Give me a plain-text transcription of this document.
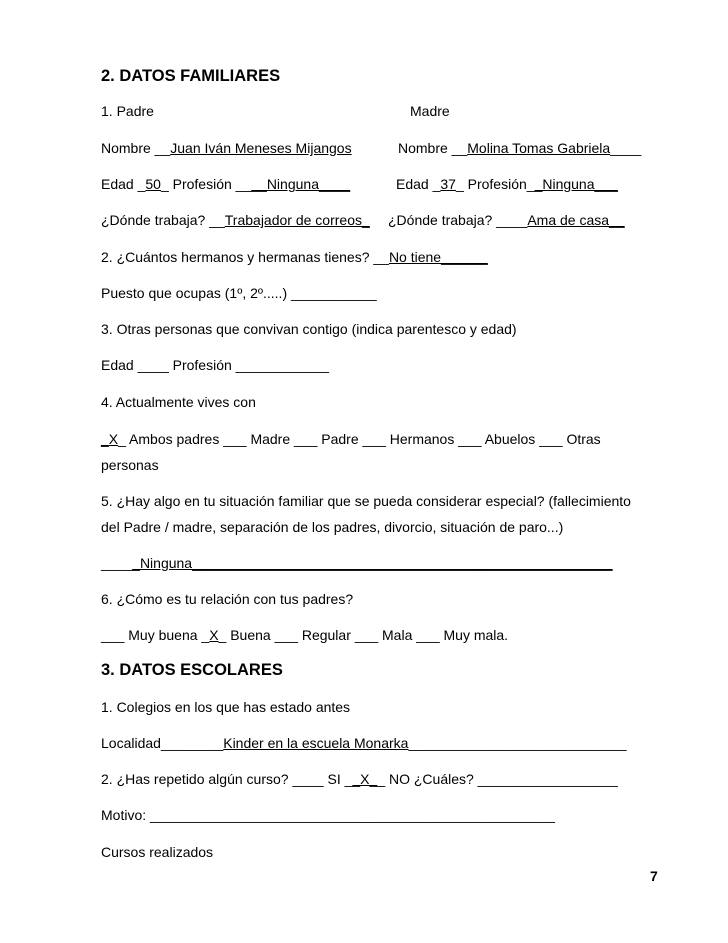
2. DATOS FAMILIARES
1. Padre	Madre
Nombre __Juan Iván Meneses Mijangos	Nombre __Molina Tomas Gabriela____
Edad _50_ Profesión ____Ninguna____	Edad _37_ Profesión__Ninguna___
¿Dónde trabaja? __Trabajador de correos_ ¿Dónde trabaja? ____Ama de casa__
2. ¿Cuántos hermanos y hermanas tienes? __No tiene______
Puesto que ocupas (1º, 2º.....) ___________
3. Otras personas que convivan contigo (indica parentesco y edad)
Edad ____ Profesión ____________
4. Actualmente vives con
_X_ Ambos padres ___ Madre ___ Padre ___ Hermanos ___ Abuelos ___ Otras
personas
5. ¿Hay algo en tu situación familiar que se pueda considerar especial? (fallecimiento
del Padre / madre, separación de los padres, divorcio, situación de paro...)
_____Ninguna______________________________________________________
6. ¿Cómo es tu relación con tus padres?
___ Muy buena _X_ Buena ___ Regular ___ Mala ___ Muy mala.
3. DATOS ESCOLARES
1. Colegios en los que has estado antes
Localidad________Kinder en la escuela Monarka____________________________
2. ¿Has repetido algún curso? ____ SI __X__ NO ¿Cuáles? __________________
Motivo: ____________________________________________________
Cursos realizados
7
